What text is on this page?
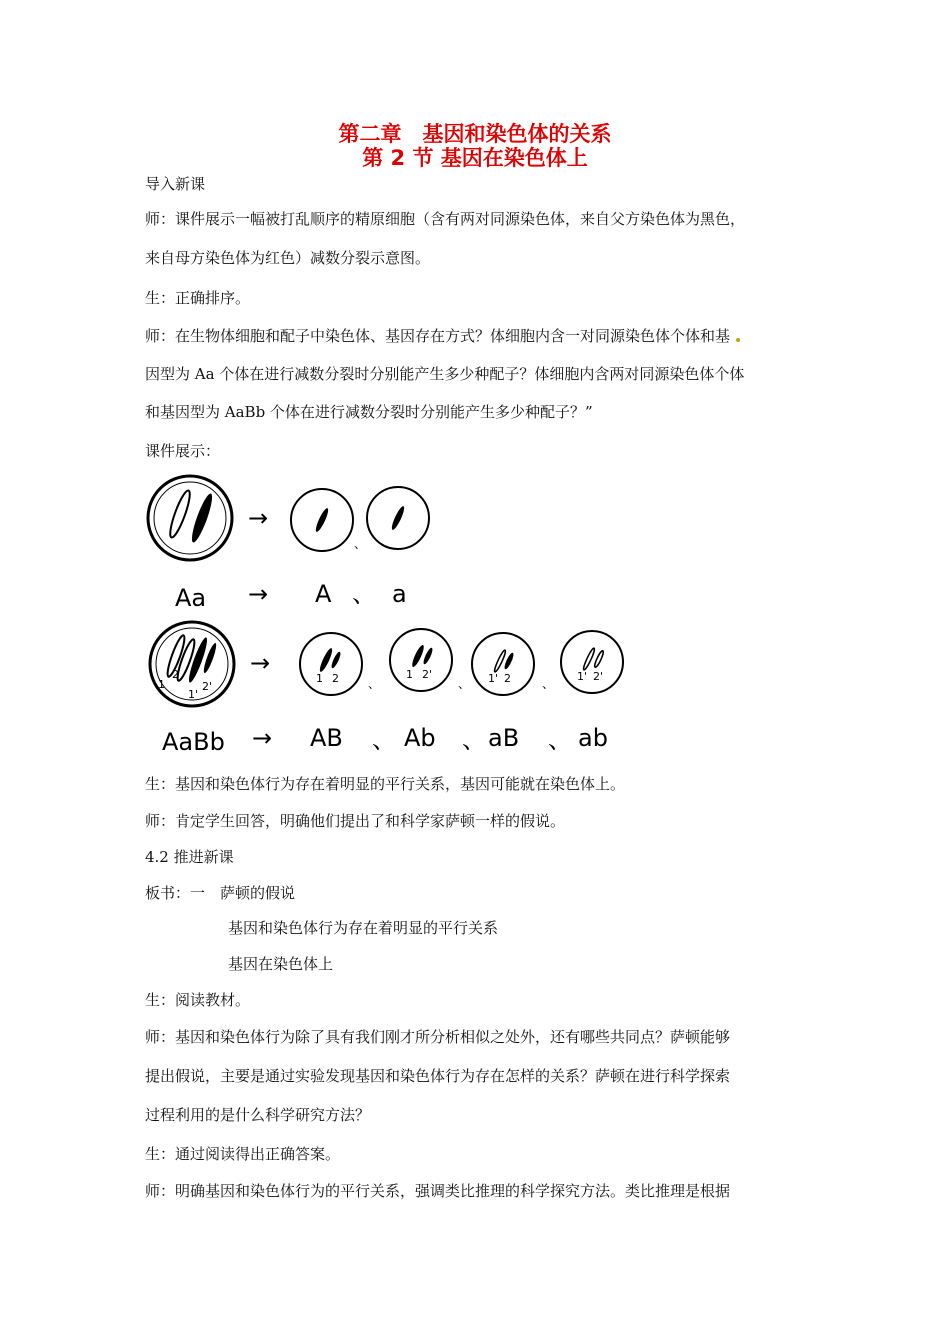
第二章　基因和染色体的关系
第 2 节 基因在染色体上
导入新课
师：课件展示一幅被打乱顺序的精原细胞（含有两对同源染色体，来自父方染色体为黑色，
来自母方染色体为红色）减数分裂示意图。
生：正确排序。
师：在生物体细胞和配子中染色体、基因存在方式？体细胞内含一对同源染色体个体和基
因型为 Aa 个体在进行减数分裂时分别能产生多少种配子？体细胞内含两对同源染色体个体
和基因型为 AaBb 个体在进行减数分裂时分别能产生多少种配子？”
课件展示：
→
、
Aa → A 、 a
1
2
1'
2'
→
1 2 、
1 2'
、 1' 2	、
1' 2'
AaBb → AB 、 Ab 、 aB 、 ab
生：基因和染色体行为存在着明显的平行关系，基因可能就在染色体上。
师：肯定学生回答，明确他们提出了和科学家萨顿一样的假说。
4.2 推进新课
板书：一　萨顿的假说
基因和染色体行为存在着明显的平行关系
基因在染色体上
生：阅读教材。
师：基因和染色体行为除了具有我们刚才所分析相似之处外，还有哪些共同点？萨顿能够
提出假说，主要是通过实验发现基因和染色体行为存在怎样的关系？萨顿在进行科学探索
过程利用的是什么科学研究方法？
生：通过阅读得出正确答案。
师：明确基因和染色体行为的平行关系，强调类比推理的科学探究方法。类比推理是根据
